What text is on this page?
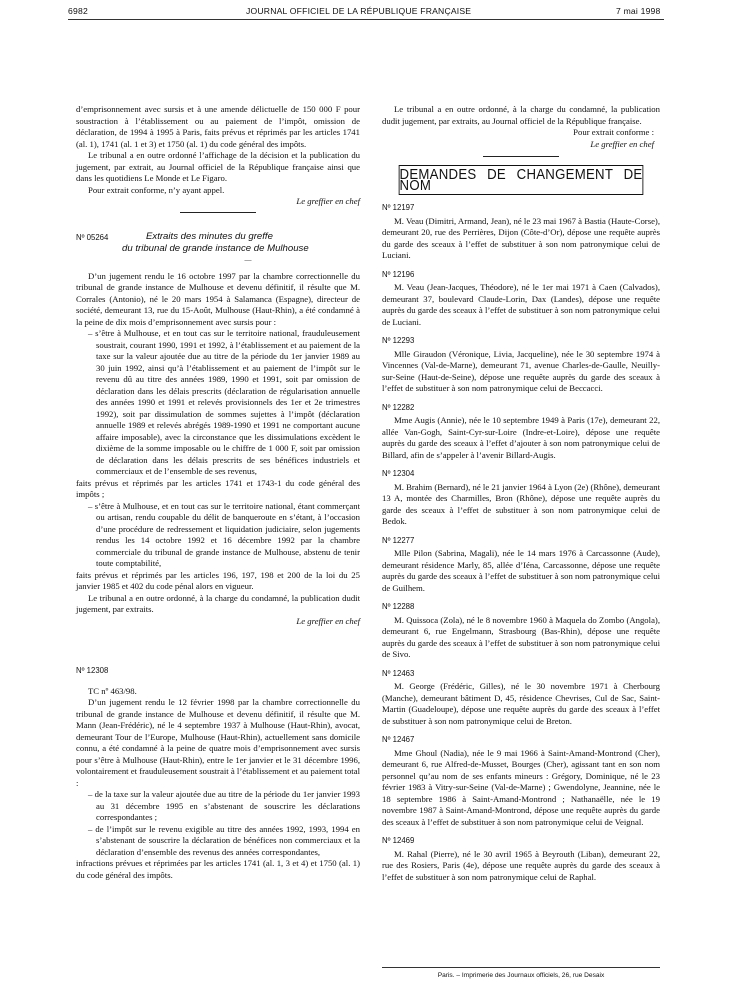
6982	JOURNAL OFFICIEL DE LA RÉPUBLIQUE FRANÇAISE	7 mai 1998

d’emprisonnement avec sursis et à une amende délictuelle de 150 000 F pour soustraction à l’établissement ou au paiement de l’impôt, omission de déclaration, de 1994 à 1995 à Paris, faits prévus et réprimés par les articles 1741 (al. 1), 1741 (al. 1 et 3) et 1750 (al. 1) du code général des impôts.

Le tribunal a en outre ordonné l’affichage de la décision et la publication du jugement, par extrait, au Journal officiel de la République française ainsi que dans les quotidiens Le Monde et Le Figaro.

Pour extrait conforme, n’y ayant appel.

Le greffier en chef

Nº 05264	Extraits des minutes du greffe
du tribunal de grande instance de Mulhouse
—

D’un jugement rendu le 16 octobre 1997 par la chambre correctionnelle du tribunal de grande instance de Mulhouse et devenu définitif, il résulte que M. Corrales (Antonio), né le 20 mars 1954 à Salamanca (Espagne), directeur de société, demeurant 13, rue du 15-Août, Mulhouse (Haut-Rhin), a été condamné à la peine de dix mois d’emprisonnement avec sursis pour :

– s’être à Mulhouse, et en tout cas sur le territoire national, frauduleusement soustrait, courant 1990, 1991 et 1992, à l’établissement et au paiement de la taxe sur la valeur ajoutée due au titre de la période du 1er janvier 1989 au 30 juin 1992, ainsi qu’à l’établissement et au paiement de l’impôt sur le revenu dû au titre des années 1989, 1990 et 1991, soit par omission de déclaration dans les délais prescrits (déclaration de régularisation annuelle des années 1990 et 1991 et relevés provisionnels des 1er et 2e trimestres 1992), soit par dissimulation de sommes sujettes à l’impôt (déclaration annuelle 1989 et relevés abrégés 1989-1990 et 1991 ne comportant aucune affaire imposable), avec la circonstance que les dissimulations excèdent le dixième de la somme imposable ou le chiffre de 1 000 F, soit par omission de déclaration dans les délais prescrits de ses bénéfices industriels et commerciaux et de l’ensemble de ses revenus,

faits prévus et réprimés par les articles 1741 et 1743-1 du code général des impôts ;

– s’être à Mulhouse, et en tout cas sur le territoire national, étant commerçant ou artisan, rendu coupable du délit de banqueroute en s’étant, à l’occasion d’une procédure de redressement et liquidation judiciaire, selon jugements rendus les 14 octobre 1992 et 16 décembre 1992 par la chambre commerciale du tribunal de grande instance de Mulhouse, abstenu de tenir toute comptabilité,

faits prévus et réprimés par les articles 196, 197, 198 et 200 de la loi du 25 janvier 1985 et 402 du code pénal alors en vigueur.

Le tribunal a en outre ordonné, à la charge du condamné, la publication dudit jugement, par extraits.

Le greffier en chef

Nº 12308

TC nº 463/98.

D’un jugement rendu le 12 février 1998 par la chambre correctionnelle du tribunal de grande instance de Mulhouse et devenu définitif, il résulte que M. Mann (Jean-Frédéric), né le 4 septembre 1937 à Mulhouse (Haut-Rhin), avocat, demeurant Tour de l’Europe, Mulhouse (Haut-Rhin), actuellement sans domicile connu, a été condamné à la peine de quatre mois d’emprisonnement avec sursis pour s’être à Mulhouse (Haut-Rhin), entre le 1er janvier et le 31 décembre 1996, volontairement et frauduleusement soustrait à l’établissement et au paiement total :

– de la taxe sur la valeur ajoutée due au titre de la période du 1er janvier 1993 au 31 décembre 1995 en s’abstenant de souscrire les déclarations correspondantes ;

– de l’impôt sur le revenu exigible au titre des années 1992, 1993, 1994 en s’abstenant de souscrire la déclaration de bénéfices non commerciaux et la déclaration d’ensemble des revenus des années correspondantes,

infractions prévues et réprimées par les articles 1741 (al. 1, 3 et 4) et 1750 (al. 1) du code général des impôts.

Le tribunal a en outre ordonné, à la charge du condamné, la publication dudit jugement, par extraits, au Journal officiel de la République française.

Pour extrait conforme :

Le greffier en chef

DEMANDES DE CHANGEMENT DE NOM

Nº 12197

M. Veau (Dimitri, Armand, Jean), né le 23 mai 1967 à Bastia (Haute-Corse), demeurant 20, rue des Perrières, Dijon (Côte-d’Or), dépose une requête auprès du garde des sceaux à l’effet de substituer à son nom patronymique celui de Luciani.

Nº 12196

M. Veau (Jean-Jacques, Théodore), né le 1er mai 1971 à Caen (Calvados), demeurant 37, boulevard Claude-Lorin, Dax (Landes), dépose une requête auprès du garde des sceaux à l’effet de substituer à son nom patronymique celui de Luciani.

Nº 12293

Mlle Giraudon (Véronique, Livia, Jacqueline), née le 30 septembre 1974 à Vincennes (Val-de-Marne), demeurant 71, avenue Charles-de-Gaulle, Neuilly-sur-Seine (Haut-de-Seine), dépose une requête auprès du garde des sceaux à l’effet de substituer à son nom patronymique celui de Beccacci.

Nº 12282

Mme Augis (Annie), née le 10 septembre 1949 à Paris (17e), demeurant 22, allée Van-Gogh, Saint-Cyr-sur-Loire (Indre-et-Loire), dépose une requête auprès du garde des sceaux à l’effet d’ajouter à son nom patronymique celui de Billard, afin de s’appeler à l’avenir Billard-Augis.

Nº 12304

M. Brahim (Bernard), né le 21 janvier 1964 à Lyon (2e) (Rhône), demeurant 13 A, montée des Charmilles, Bron (Rhône), dépose une requête auprès du garde des sceaux à l’effet de substituer à son nom patronymique celui de Bedok.

Nº 12277

Mlle Pilon (Sabrina, Magali), née le 14 mars 1976 à Carcassonne (Aude), demeurant résidence Marly, 85, allée d’Iéna, Carcassonne, dépose une requête auprès du garde des sceaux à l’effet de substituer à son nom patronymique celui de Guilhem.

Nº 12288

M. Quissoca (Zola), né le 8 novembre 1960 à Maquela do Zombo (Angola), demeurant 6, rue Engelmann, Strasbourg (Bas-Rhin), dépose une requête auprès du garde des sceaux à l’effet de substituer à son nom patronymique celui de Sivo.

Nº 12463

M. George (Frédéric, Gilles), né le 30 novembre 1971 à Cherbourg (Manche), demeurant bâtiment D, 45, résidence Chevrises, Cul de Sac, Saint-Martin (Guadeloupe), dépose une requête auprès du garde des sceaux à l’effet de substituer à son nom patronymique celui de Breton.

Nº 12467

Mme Ghoul (Nadia), née le 9 mai 1966 à Saint-Amand-Montrond (Cher), demeurant 6, rue Alfred-de-Musset, Bourges (Cher), agissant tant en son nom personnel qu’au nom de ses enfants mineurs : Grégory, Dominique, né le 23 février 1983 à Vitry-sur-Seine (Val-de-Marne) ; Gwendolyne, Jeannine, née le 18 septembre 1986 à Saint-Amand-Montrond ; Nathanaëlle, née le 19 novembre 1987 à Saint-Amand-Montrond, dépose une requête auprès du garde des sceaux à l’effet de substituer à son nom patronymique celui de Veignal.

Nº 12469

M. Rahal (Pierre), né le 30 avril 1965 à Beyrouth (Liban), demeurant 22, rue des Rosiers, Paris (4e), dépose une requête auprès du garde des sceaux à l’effet de substituer à son nom patronymique celui de Raphal.

Paris. – Imprimerie des Journaux officiels, 26, rue Desaix
